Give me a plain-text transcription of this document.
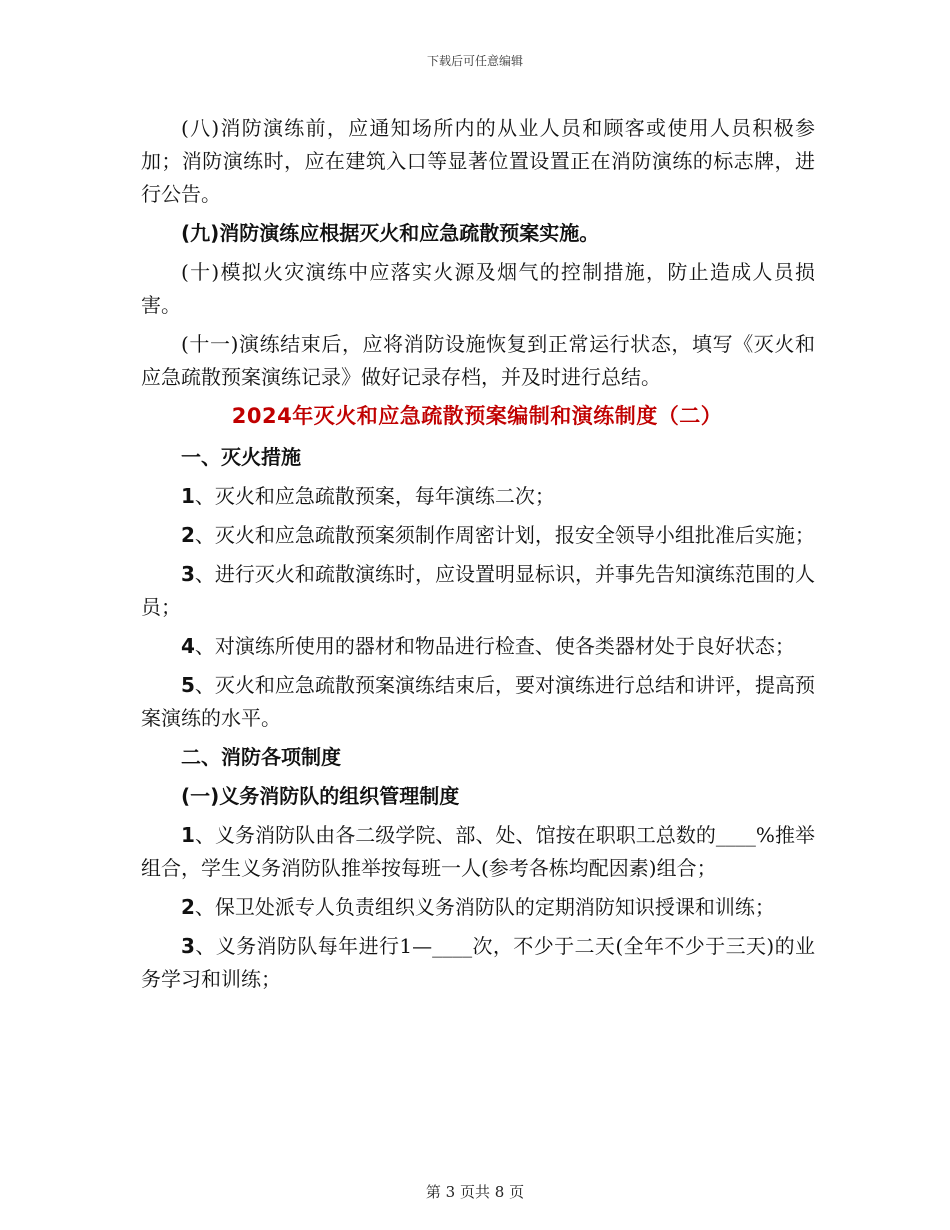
下载后可任意编辑

(八)消防演练前，应通知场所内的从业人员和顾客或使用人员积极参加；消防演练时，应在建筑入口等显著位置设置正在消防演练的标志牌，进行公告。

(九)消防演练应根据灭火和应急疏散预案实施。

(十)模拟火灾演练中应落实火源及烟气的控制措施，防止造成人员损害。

(十一)演练结束后，应将消防设施恢复到正常运行状态，填写《灭火和应急疏散预案演练记录》做好记录存档，并及时进行总结。

2024年灭火和应急疏散预案编制和演练制度（二）

一、灭火措施

1、灭火和应急疏散预案，每年演练二次；

2、灭火和应急疏散预案须制作周密计划，报安全领导小组批准后实施；

3、进行灭火和疏散演练时，应设置明显标识，并事先告知演练范围的人员；

4、对演练所使用的器材和物品进行检查、使各类器材处于良好状态；

5、灭火和应急疏散预案演练结束后，要对演练进行总结和讲评，提高预案演练的水平。

二、消防各项制度

(一)义务消防队的组织管理制度

1、义务消防队由各二级学院、部、处、馆按在职职工总数的____%推举组合，学生义务消防队推举按每班一人(参考各栋均配因素)组合；

2、保卫处派专人负责组织义务消防队的定期消防知识授课和训练；

3、义务消防队每年进行1—____次，不少于二天(全年不少于三天)的业务学习和训练；

第 3 页共 8 页
